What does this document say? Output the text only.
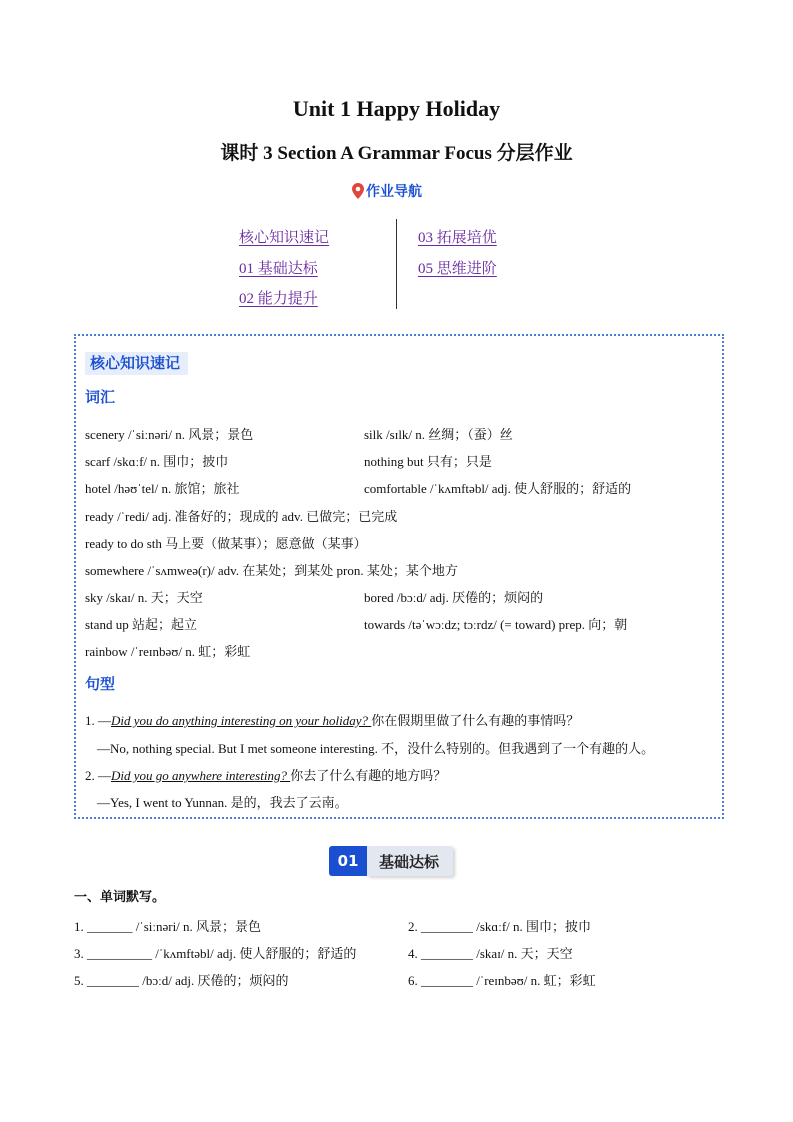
Unit 1 Happy Holiday
课时 3 Section A Grammar Focus 分层作业
作业导航
核心知识速记
01 基础达标
02 能力提升
03 拓展培优
05 思维进阶
核心知识速记
词汇
scenery /ˈsiːnəri/ n. 风景；景色	silk /sɪlk/ n. 丝绸；（蚕）丝
scarf /skɑːf/ n. 围巾；披巾	nothing but 只有；只是
hotel /həʊˈtel/ n. 旅馆；旅社	comfortable /ˈkʌmftəbl/ adj. 使人舒服的；舒适的
ready /ˈredi/ adj. 准备好的；现成的 adv. 已做完；已完成
ready to do sth 马上要（做某事）；愿意做（某事）
somewhere /ˈsʌmweə(r)/ adv. 在某处；到某处 pron. 某处；某个地方
sky /skaɪ/ n. 天；天空	bored /bɔːd/ adj. 厌倦的；烦闷的
stand up 站起；起立	towards /təˈwɔːdz; tɔːrdz/ (= toward) prep. 向；朝
rainbow /ˈreɪnbəʊ/ n. 虹；彩虹
句型
1. —Did you do anything interesting on your holiday? 你在假期里做了什么有趣的事情吗？
—No, nothing special. But I met someone interesting. 不，没什么特别的。但我遇到了一个有趣的人。
2. —Did you go anywhere interesting? 你去了什么有趣的地方吗？
—Yes, I went to Yunnan. 是的，我去了云南。
01	基础达标
一、单词默写。
1. _______ /ˈsiːnəri/ n. 风景；景色	2. ________ /skɑːf/ n. 围巾；披巾
3. __________ /ˈkʌmftəbl/ adj. 使人舒服的；舒适的	4. ________ /skaɪ/ n. 天；天空
5. ________ /bɔːd/ adj. 厌倦的；烦闷的	6. ________ /ˈreɪnbəʊ/ n. 虹；彩虹
